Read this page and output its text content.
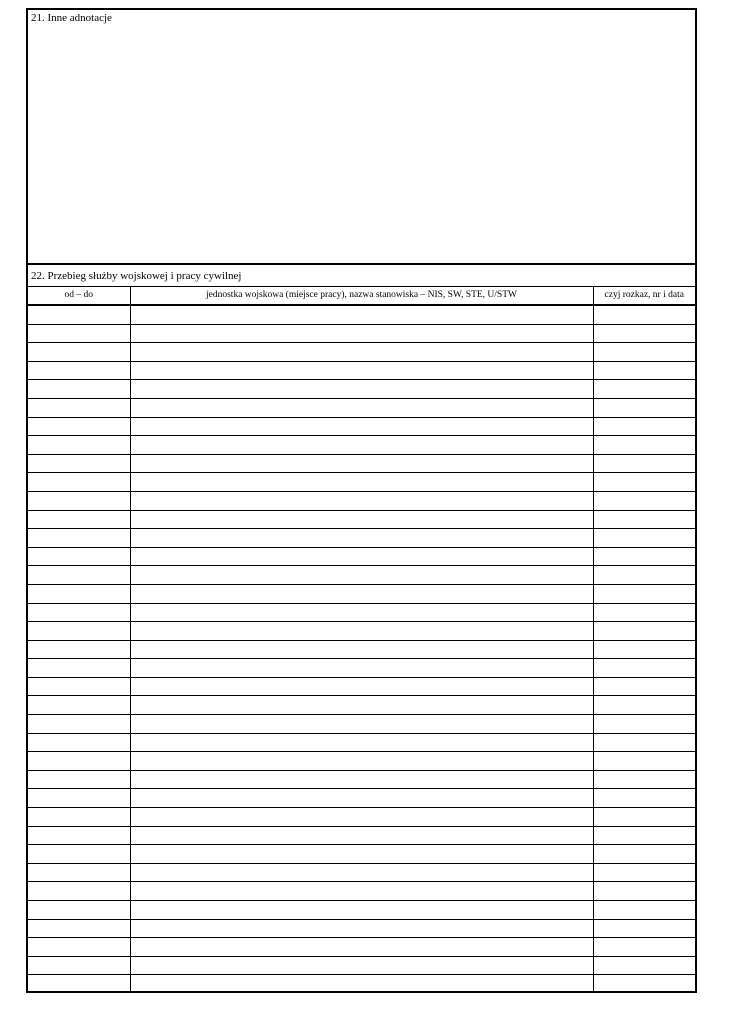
21. Inne adnotacje
22. Przebieg służby wojskowej i pracy cywilnej
od – do	jednostka wojskowa (miejsce pracy), nazwa stanowiska – NIS, SW, STE, U/STW	czyj rozkaz, nr i data
